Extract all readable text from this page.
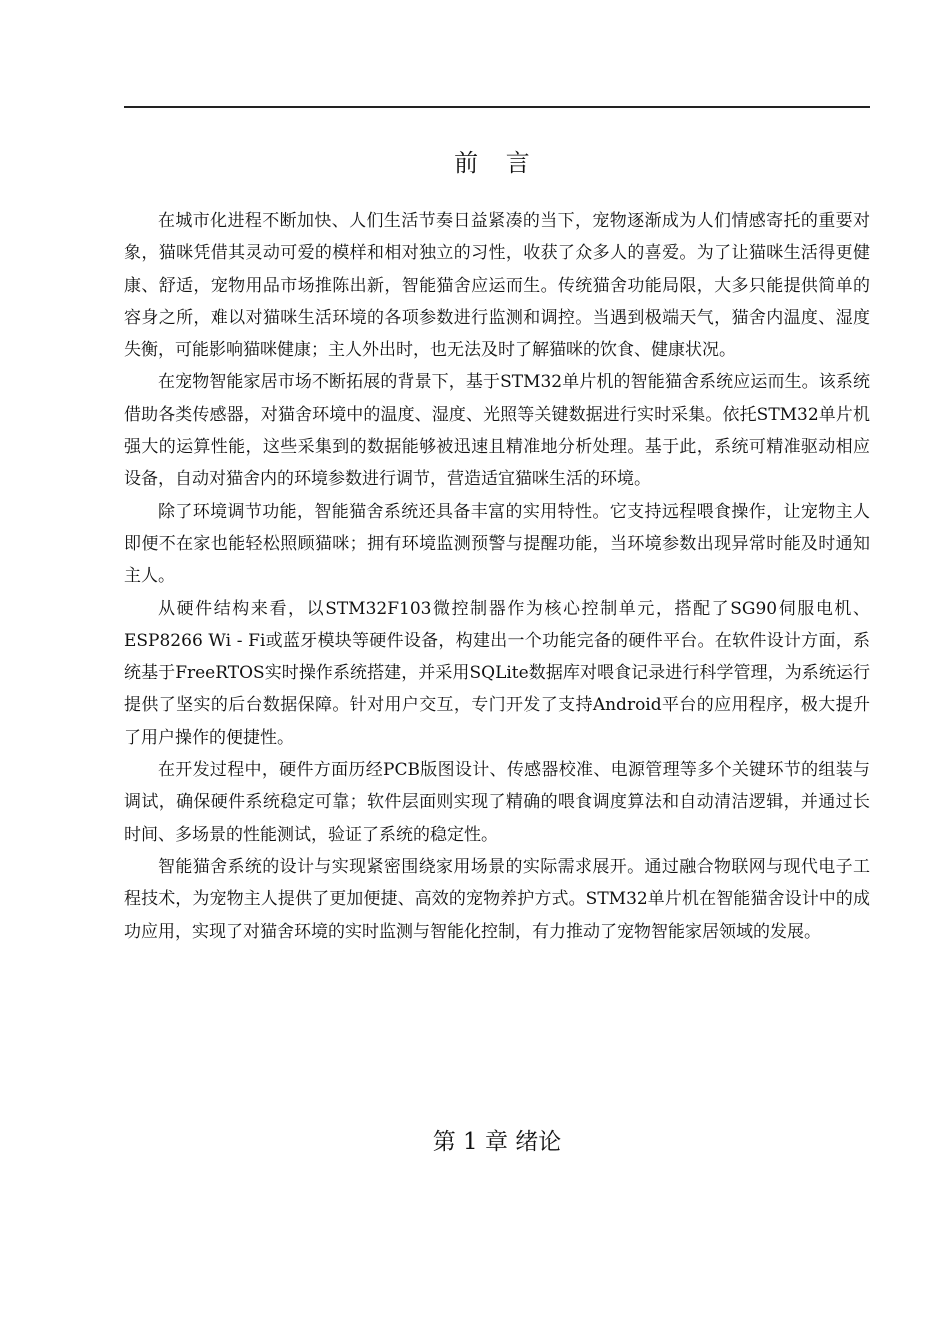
前 言

在城市化进程不断加快、人们生活节奏日益紧凑的当下，宠物逐渐成为人们情感寄托的重要对象，猫咪凭借其灵动可爱的模样和相对独立的习性，收获了众多人的喜爱。为了让猫咪生活得更健康、舒适，宠物用品市场推陈出新，智能猫舍应运而生。传统猫舍功能局限，大多只能提供简单的容身之所，难以对猫咪生活环境的各项参数进行监测和调控。当遇到极端天气，猫舍内温度、湿度失衡，可能影响猫咪健康；主人外出时，也无法及时了解猫咪的饮食、健康状况。

在宠物智能家居市场不断拓展的背景下，基于STM32单片机的智能猫舍系统应运而生。该系统借助各类传感器，对猫舍环境中的温度、湿度、光照等关键数据进行实时采集。依托STM32单片机强大的运算性能，这些采集到的数据能够被迅速且精准地分析处理。基于此，系统可精准驱动相应设备，自动对猫舍内的环境参数进行调节，营造适宜猫咪生活的环境。

除了环境调节功能，智能猫舍系统还具备丰富的实用特性。它支持远程喂食操作，让宠物主人即便不在家也能轻松照顾猫咪；拥有环境监测预警与提醒功能，当环境参数出现异常时能及时通知主人。

从硬件结构来看，以STM32F103微控制器作为核心控制单元，搭配了SG90伺服电机、ESP8266 Wi - Fi或蓝牙模块等硬件设备，构建出一个功能完备的硬件平台。在软件设计方面，系统基于FreeRTOS实时操作系统搭建，并采用SQLite数据库对喂食记录进行科学管理，为系统运行提供了坚实的后台数据保障。针对用户交互，专门开发了支持Android平台的应用程序，极大提升了用户操作的便捷性。

在开发过程中，硬件方面历经PCB版图设计、传感器校准、电源管理等多个关键环节的组装与调试，确保硬件系统稳定可靠；软件层面则实现了精确的喂食调度算法和自动清洁逻辑，并通过长时间、多场景的性能测试，验证了系统的稳定性。

智能猫舍系统的设计与实现紧密围绕家用场景的实际需求展开。通过融合物联网与现代电子工程技术，为宠物主人提供了更加便捷、高效的宠物养护方式。STM32单片机在智能猫舍设计中的成功应用，实现了对猫舍环境的实时监测与智能化控制，有力推动了宠物智能家居领域的发展。

第 1 章 绪论
